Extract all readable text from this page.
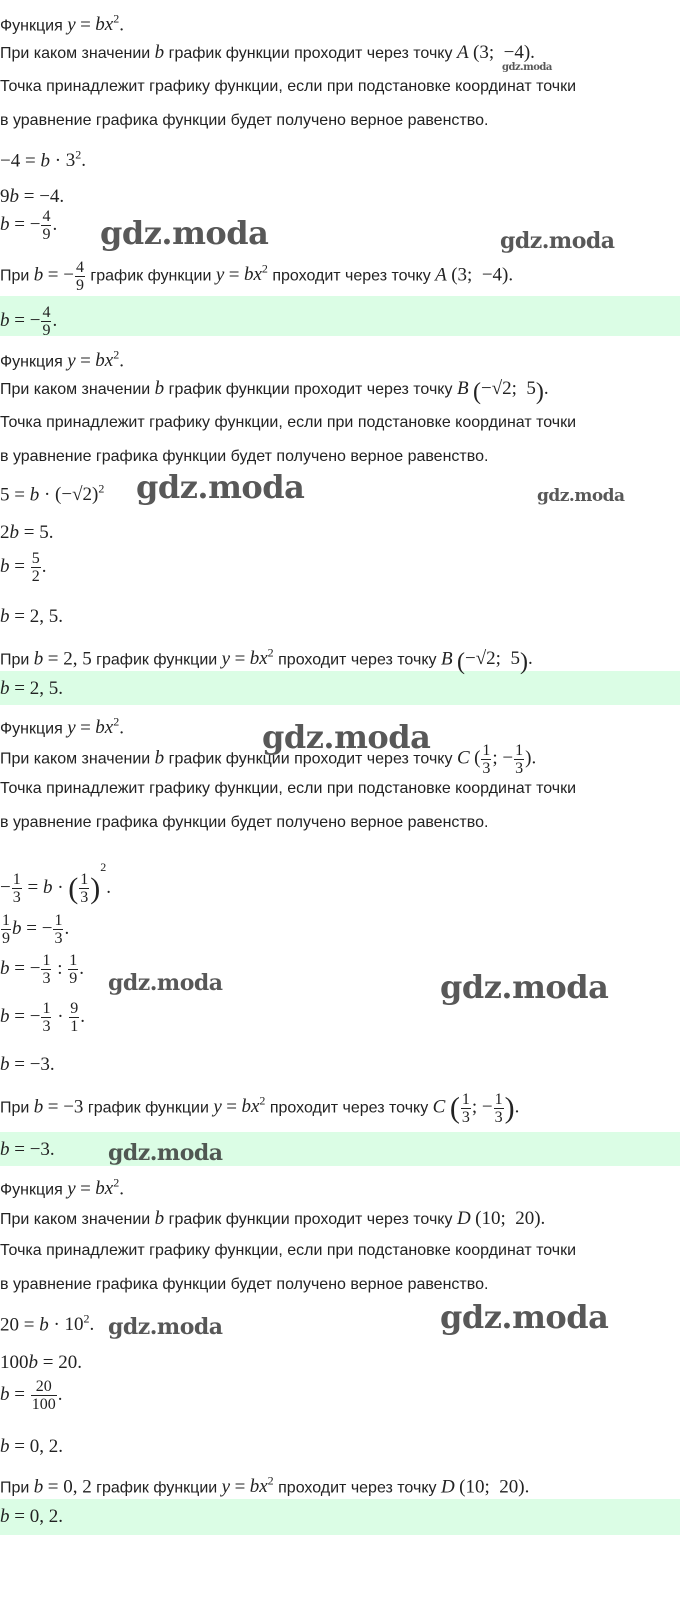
Функция $y = bx^2$.
При каком значении b график функции проходит через точку A (3;  −4).
Точка принадлежит графику функции, если при подстановке координат точки
в уравнение графика функции будет получено верное равенство.
$-4 = b \cdot 3^2$.
9b = −4.
b = − $\frac{4}{9}$ .
При b = − $\frac{4}{9}$ график функции $y = bx^2$ проходит через точку A (3;  −4).
b = − $\frac{4}{9}$ .
Функция $y = bx^2$.
При каком значении b график функции проходит через точку B (−√2;  5).
Точка принадлежит графику функции, если при подстановке координат точки
в уравнение графика функции будет получено верное равенство.
$5 = b \cdot (-√2)^2$
2b = 5.
$b = \frac{5}{2}$ .
b = 2, 5.
При b = 2, 5 график функции $y = bx^2$ проходит через точку B (−√2;  5).
b = 2, 5.
Функция $y = bx^2$.
При каком значении b график функции проходит через точку C ( $\frac{1}{3}$ ; − $\frac{1}{3}$ ).
Точка принадлежит графику функции, если при подстановке координат точки
в уравнение графика функции будет получено верное равенство.
− $\frac{1}{3} = b$ · ( $\frac{1}{3} )^2$.
$\frac{1}{9}$ b = − $\frac{1}{3}$ .
b = − $\frac{1}{3}$ : $\frac{1}{9}$ .
b = − $\frac{1}{3} \cdot \frac{9}{1}$ .
b = −3.
При b = −3 график функции $y = bx^2$ проходит через точку C ( $\frac{1}{3}$ ; − $\frac{1}{3}$ ).
b = −3.
Функция $y = bx^2$.
При каком значении b график функции проходит через точку D (10;  20).
Точка принадлежит графику функции, если при подстановке координат точки
в уравнение графика функции будет получено верное равенство.
$20 = b \cdot 10^2$.
100b = 20.
$b = \frac{20}{100}$ .
b = 0, 2.
При b = 0, 2 график функции $y = bx^2$ проходит через точку D (10;  20).
b = 0, 2.
gdz.moda
gdz.moda	gdz.moda
gdz.moda	gdz.moda
gdz.moda
gdz.moda	gdz.moda
gdz.moda
gdz.moda
gdz.moda
